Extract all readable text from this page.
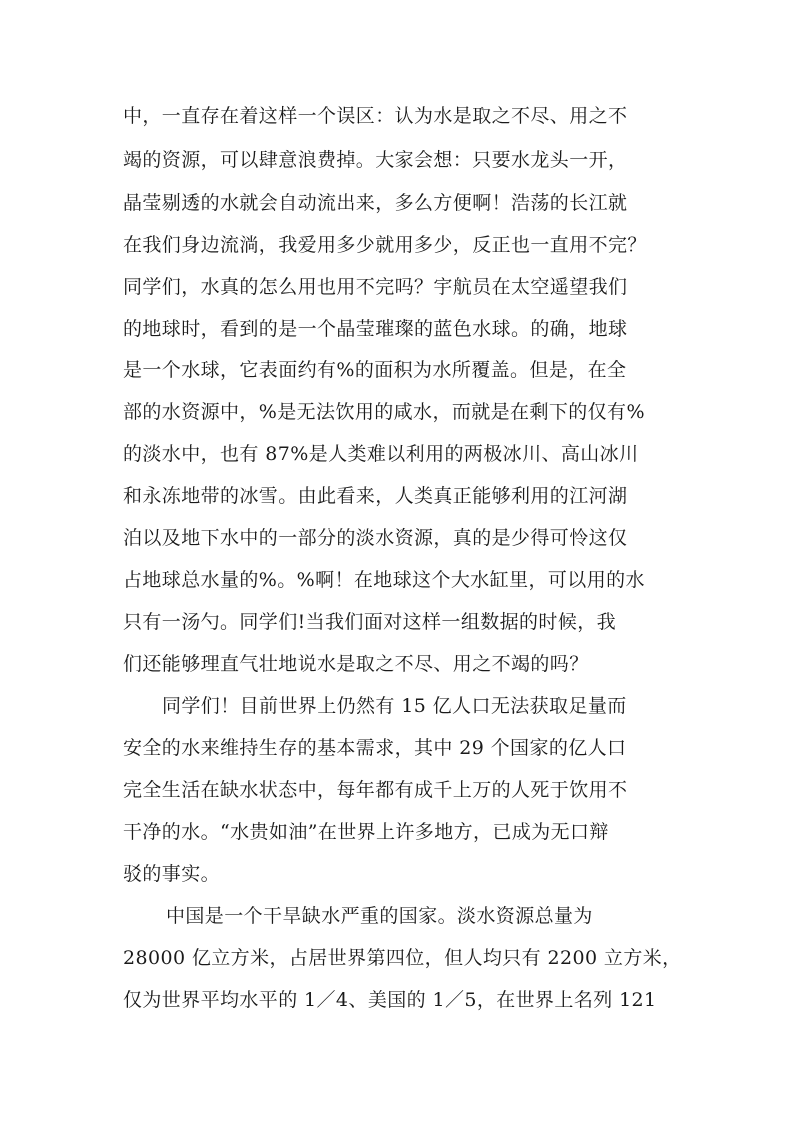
中，一直存在着这样一个误区：认为水是取之不尽、用之不
竭的资源，可以肆意浪费掉。大家会想：只要水龙头一开，
晶莹剔透的水就会自动流出来，多么方便啊！浩荡的长江就
在我们身边流淌，我爱用多少就用多少，反正也一直用不完？
同学们，水真的怎么用也用不完吗？宇航员在太空遥望我们
的地球时，看到的是一个晶莹璀璨的蓝色水球。的确，地球
是一个水球，它表面约有%的面积为水所覆盖。但是，在全
部的水资源中，%是无法饮用的咸水，而就是在剩下的仅有%
的淡水中，也有 87%是人类难以利用的两极冰川、高山冰川
和永冻地带的冰雪。由此看来，人类真正能够利用的江河湖
泊以及地下水中的一部分的淡水资源，真的是少得可怜这仅
占地球总水量的%。%啊！在地球这个大水缸里，可以用的水
只有一汤勺。同学们!当我们面对这样一组数据的时候，我
们还能够理直气壮地说水是取之不尽、用之不竭的吗？
同学们！目前世界上仍然有 15 亿人口无法获取足量而
安全的水来维持生存的基本需求，其中 29 个国家的亿人口
完全生活在缺水状态中，每年都有成千上万的人死于饮用不
干净的水。“水贵如油”在世界上许多地方，已成为无口辩
驳的事实。
中国是一个干旱缺水严重的国家。淡水资源总量为
28000 亿立方米，占居世界第四位，但人均只有 2200 立方米，
仅为世界平均水平的 1／4、美国的 1／5，在世界上名列 121
